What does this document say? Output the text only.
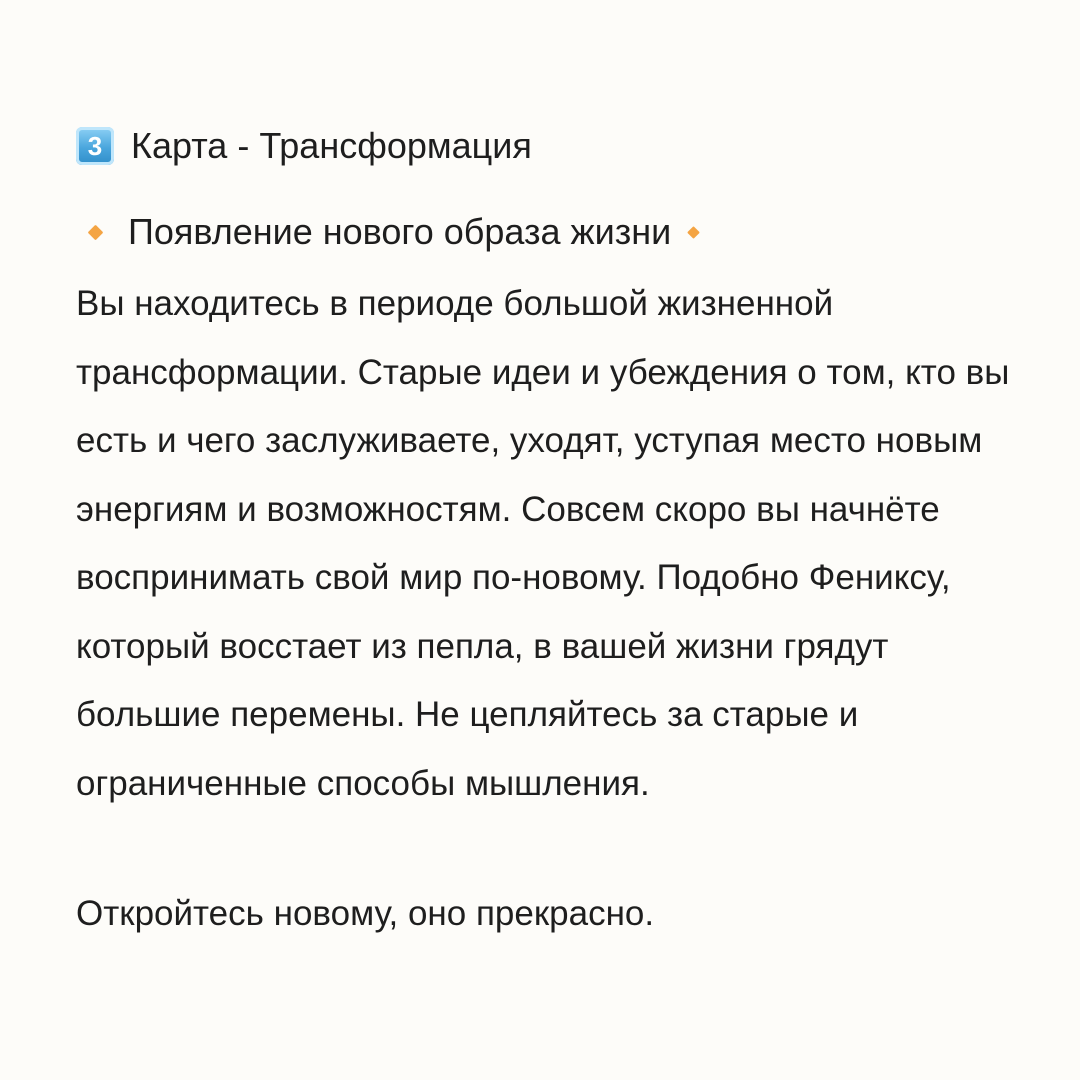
3 Карта - Трансформация
Появление нового образа жизни

Вы находитесь в периоде большой жизненной трансформации. Старые идеи и убеждения о том, кто вы есть и чего заслуживаете, уходят, уступая место новым энергиям и возможностям. Совсем скоро вы начнёте воспринимать свой мир по-новому. Подобно Фениксу, который восстает из пепла, в вашей жизни грядут большие перемены. Не цепляйтесь за старые и ограниченные способы мышления.

Откройтесь новому, оно прекрасно.
